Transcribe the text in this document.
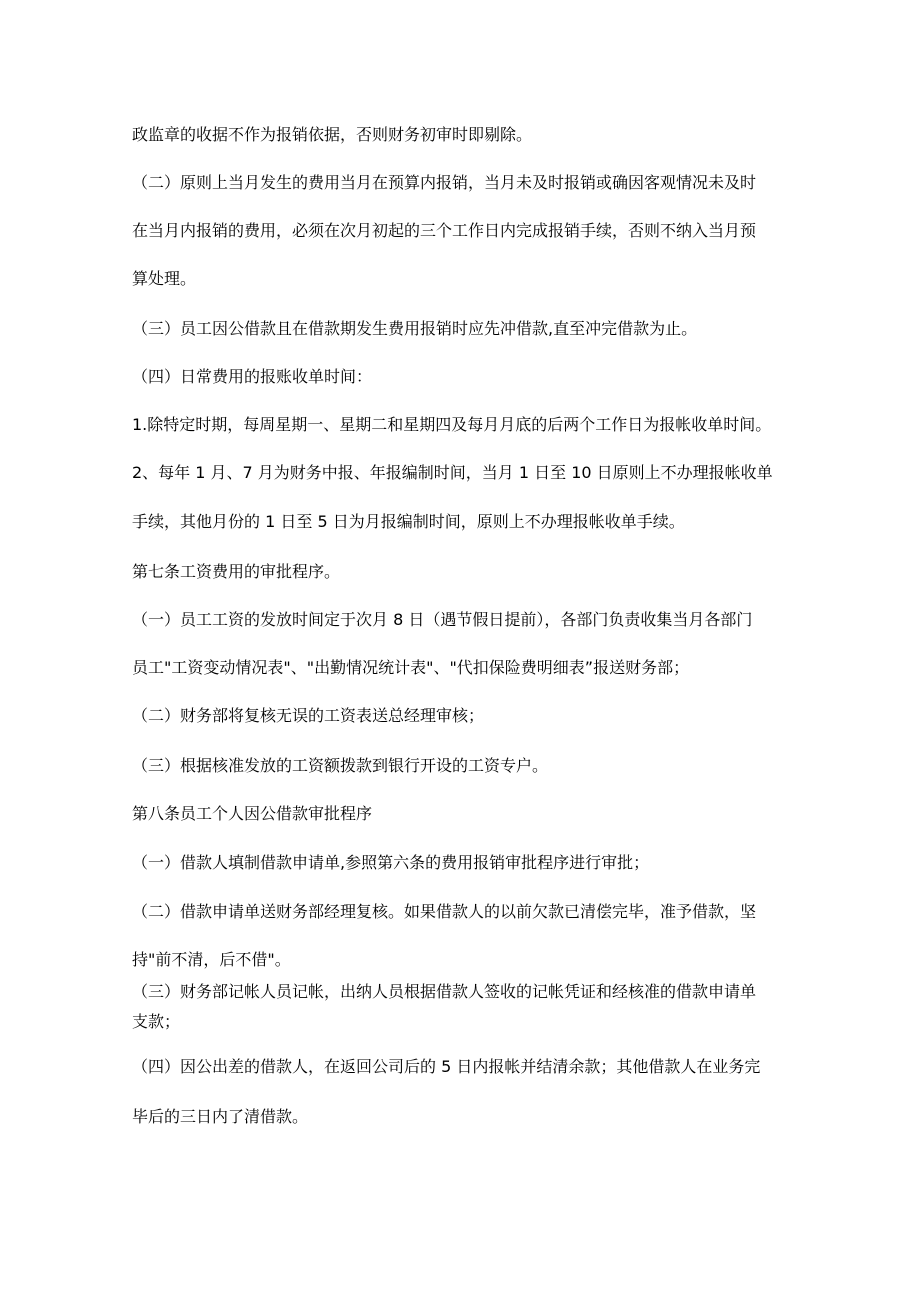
政监章的收据不作为报销依据，否则财务初审时即剔除。
（二）原则上当月发生的费用当月在预算内报销，当月未及时报销或确因客观情况未及时
在当月内报销的费用，必须在次月初起的三个工作日内完成报销手续，否则不纳入当月预
算处理。
（三）员工因公借款且在借款期发生费用报销时应先冲借款,直至冲完借款为止。
（四）日常费用的报账收单时间：
1.除特定时期，每周星期一、星期二和星期四及每月月底的后两个工作日为报帐收单时间。
2、每年 1 月、7 月为财务中报、年报编制时间，当月 1 日至 10 日原则上不办理报帐收单
手续，其他月份的 1 日至 5 日为月报编制时间，原则上不办理报帐收单手续。
第七条工资费用的审批程序。
（一）员工工资的发放时间定于次月 8 日（遇节假日提前），各部门负责收集当月各部门
员工"工资变动情况表"、"出勤情况统计表"、"代扣保险费明细表”报送财务部；
（二）财务部将复核无误的工资表送总经理审核；
（三）根据核准发放的工资额拨款到银行开设的工资专户。
第八条员工个人因公借款审批程序
（一）借款人填制借款申请单,参照第六条的费用报销审批程序进行审批；
（二）借款申请单送财务部经理复核。如果借款人的以前欠款已清偿完毕，准予借款，坚
持"前不清，后不借"。
（三）财务部记帐人员记帐，出纳人员根据借款人签收的记帐凭证和经核准的借款申请单
支款；
（四）因公出差的借款人，在返回公司后的 5 日内报帐并结清余款；其他借款人在业务完
毕后的三日内了清借款。
